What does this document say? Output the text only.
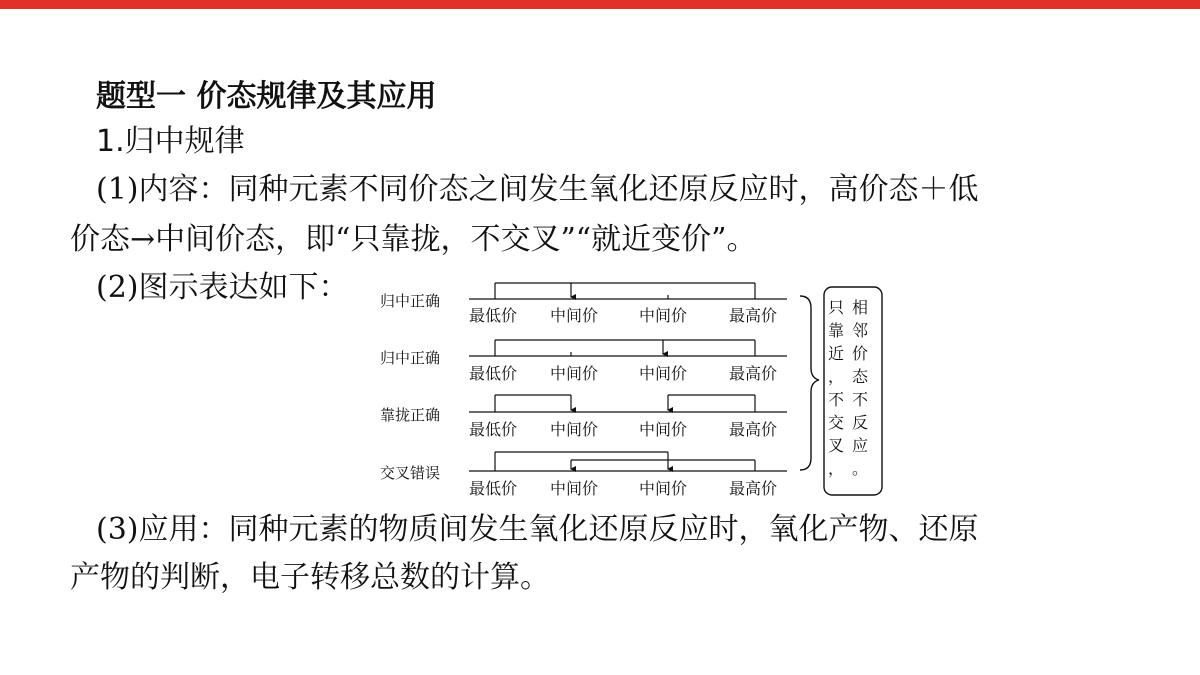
题型一 价态规律及其应用
1.归中规律
(1)内容：同种元素不同价态之间发生氧化还原反应时，高价态＋低
价态→中间价态，即“只靠拢，不交叉”“就近变价”。
(2)图示表达如下： 归中正确
最低价 中间价	中间价	最高价
归中正确
最低价 中间价	中间价	最高价
靠拢正确
最低价 中间价	中间价	最高价
交叉错误
最低价 中间价	中间价	最高价
只
靠
近
，
不
交
叉
，
相
邻
价
态
不
反
应
。
(3)应用：同种元素的物质间发生氧化还原反应时，氧化产物、还原
产物的判断，电子转移总数的计算。
